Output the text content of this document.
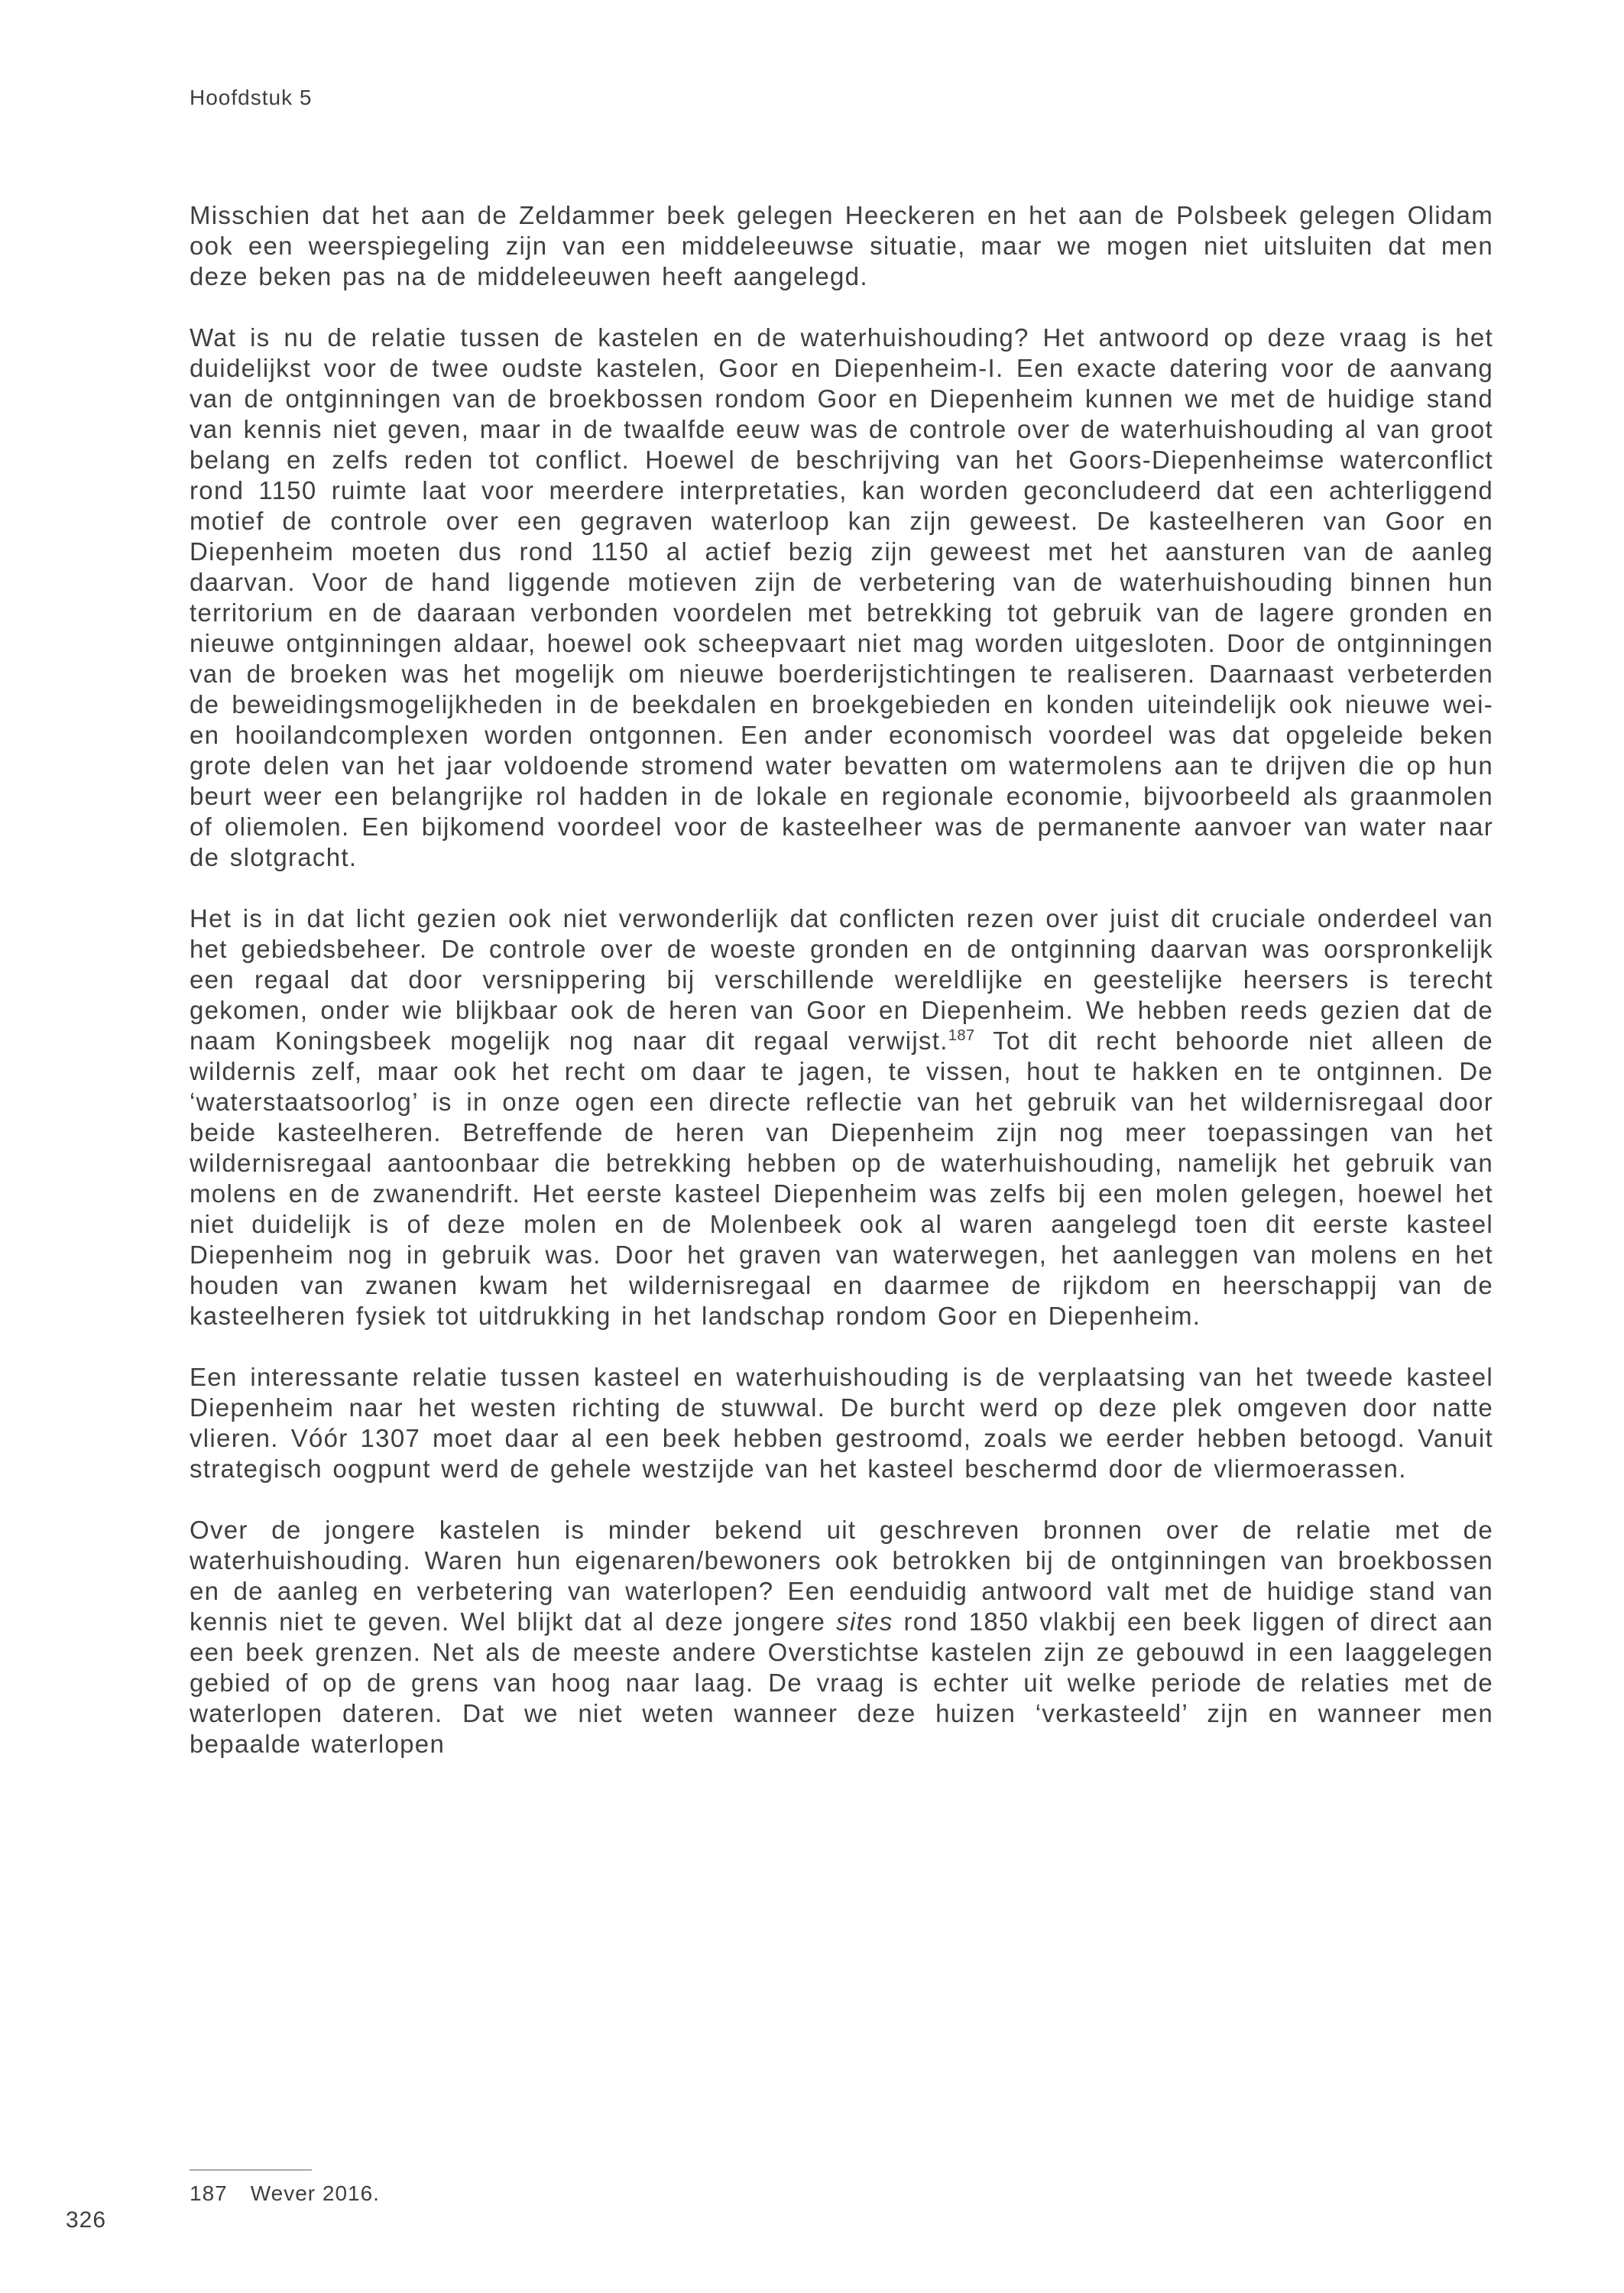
Hoofdstuk 5

Misschien dat het aan de Zeldammer beek gelegen Heeckeren en het aan de Polsbeek gelegen Olidam ook een weerspiegeling zijn van een middeleeuwse situatie, maar we mogen niet uitsluiten dat men deze beken pas na de middeleeuwen heeft aangelegd.

Wat is nu de relatie tussen de kastelen en de waterhuishouding? Het antwoord op deze vraag is het duidelijkst voor de twee oudste kastelen, Goor en Diepenheim-I. Een exacte datering voor de aanvang van de ontginningen van de broekbossen rondom Goor en Diepenheim kunnen we met de huidige stand van kennis niet geven, maar in de twaalfde eeuw was de controle over de waterhuishouding al van groot belang en zelfs reden tot conflict. Hoewel de beschrijving van het Goors-Diepenheimse waterconflict rond 1150 ruimte laat voor meerdere interpretaties, kan worden geconcludeerd dat een achterliggend motief de controle over een gegraven waterloop kan zijn geweest. De kasteelheren van Goor en Diepenheim moeten dus rond 1150 al actief bezig zijn geweest met het aansturen van de aanleg daarvan. Voor de hand liggende motieven zijn de verbetering van de waterhuishouding binnen hun territorium en de daaraan verbonden voordelen met betrekking tot gebruik van de lagere gronden en nieuwe ontginningen aldaar, hoewel ook scheepvaart niet mag worden uitgesloten. Door de ontginningen van de broeken was het mogelijk om nieuwe boerderijstichtingen te realiseren. Daarnaast verbeterden de beweidingsmogelijkheden in de beekdalen en broekgebieden en konden uiteindelijk ook nieuwe wei- en hooilandcomplexen worden ontgonnen. Een ander economisch voordeel was dat opgeleide beken grote delen van het jaar voldoende stromend water bevatten om watermolens aan te drijven die op hun beurt weer een belangrijke rol hadden in de lokale en regionale economie, bijvoorbeeld als graanmolen of oliemolen. Een bijkomend voordeel voor de kasteelheer was de permanente aanvoer van water naar de slotgracht.

Het is in dat licht gezien ook niet verwonderlijk dat conflicten rezen over juist dit cruciale onderdeel van het gebiedsbeheer. De controle over de woeste gronden en de ontginning daarvan was oorspronkelijk een regaal dat door versnippering bij verschillende wereldlijke en geestelijke heersers is terecht gekomen, onder wie blijkbaar ook de heren van Goor en Diepenheim. We hebben reeds gezien dat de naam Koningsbeek mogelijk nog naar dit regaal verwijst.$^{187}$ Tot dit recht behoorde niet alleen de wildernis zelf, maar ook het recht om daar te jagen, te vissen, hout te hakken en te ontginnen. De ‘waterstaatsoorlog’ is in onze ogen een directe reflectie van het gebruik van het wildernisregaal door beide kasteelheren. Betreffende de heren van Diepenheim zijn nog meer toepassingen van het wildernisregaal aantoonbaar die betrekking hebben op de waterhuishouding, namelijk het gebruik van molens en de zwanendrift. Het eerste kasteel Diepenheim was zelfs bij een molen gelegen, hoewel het niet duidelijk is of deze molen en de Molenbeek ook al waren aangelegd toen dit eerste kasteel Diepenheim nog in gebruik was. Door het graven van waterwegen, het aanleggen van molens en het houden van zwanen kwam het wildernisregaal en daarmee de rijkdom en heerschappij van de kasteelheren fysiek tot uitdrukking in het landschap rondom Goor en Diepenheim.

Een interessante relatie tussen kasteel en waterhuishouding is de verplaatsing van het tweede kasteel Diepenheim naar het westen richting de stuwwal. De burcht werd op deze plek omgeven door natte vlieren. Vóór 1307 moet daar al een beek hebben gestroomd, zoals we eerder hebben betoogd. Vanuit strategisch oogpunt werd de gehele westzijde van het kasteel beschermd door de vliermoerassen.

Over de jongere kastelen is minder bekend uit geschreven bronnen over de relatie met de waterhuishouding. Waren hun eigenaren/bewoners ook betrokken bij de ontginningen van broekbossen en de aanleg en verbetering van waterlopen? Een eenduidig antwoord valt met de huidige stand van kennis niet te geven. Wel blijkt dat al deze jongere sites rond 1850 vlakbij een beek liggen of direct aan een beek grenzen. Net als de meeste andere Overstichtse kastelen zijn ze gebouwd in een laaggelegen gebied of op de grens van hoog naar laag. De vraag is echter uit welke periode de relaties met de waterlopen dateren. Dat we niet weten wanneer deze huizen ‘verkasteeld’ zijn en wanneer men bepaalde waterlopen

187 Wever 2016.
326
